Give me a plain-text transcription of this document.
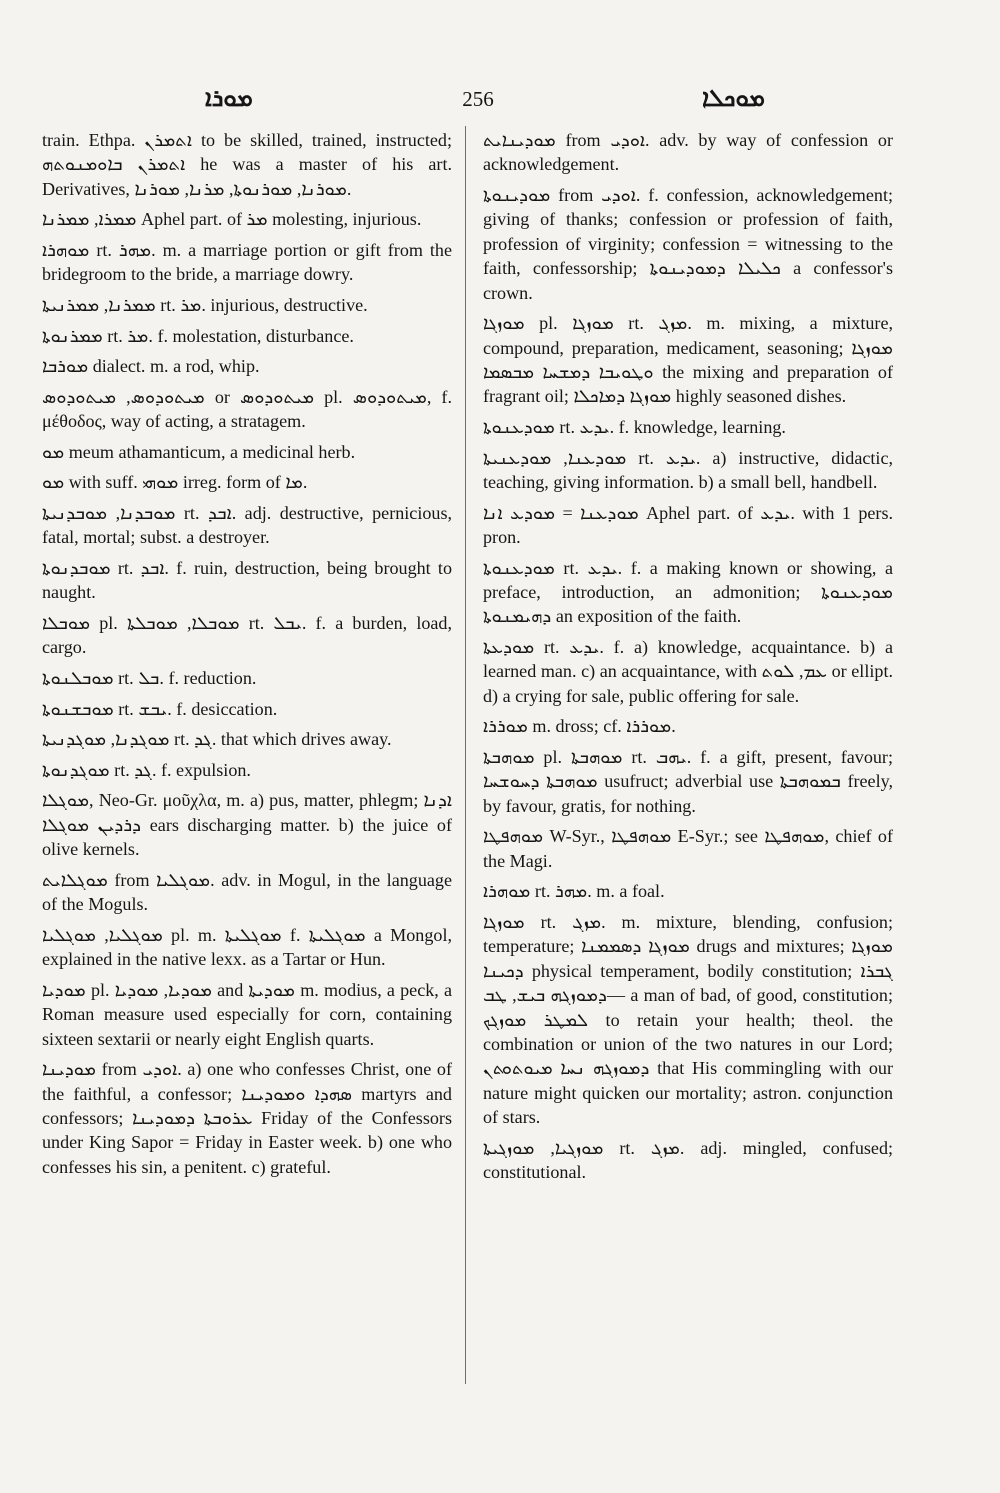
ܡܘܪܐ	256	ܡܘܟܠܐ

train. Ethpa. ܐܬܡܪܢ to be skilled, trained, instructed; ܐܬܡܪܢ ܒܐܘܡܢܘܬܗ he was a master of his art. Derivatives, ܡܘܪܢܐ, ܡܘܪܢܘܬܐ, ܡܪܢܐ, ܡܘܪܢܐ.

ܡܡܪܐ, ܡܡܪܢܐ Aphel part. of ܡܪ molesting, injurious.

ܡܘܗܪܐ rt. ܡܗܪ. m. a marriage portion or gift from the bridegroom to the bride, a marriage dowry.

ܡܡܪܢܐ, ܡܡܪܢܝܬܐ rt. ܡܪ. injurious, destructive.

ܡܡܪܢܘܬܐ rt. ܡܪ. f. molestation, disturbance.

ܡܘܪܒܐ dialect. m. a rod, whip.

ܡܝܬܘܕܘܣ, ܡܝܬܘܕܘܣ or ܡܝܬܘܕܘܣ pl. ܡܝܬܘܕܘܣ, f. μέθοδος, way of acting, a stratagem.

ܡܘ meum athamanticum, a medicinal herb.

ܡܘ with suff. ܡܘܗܝ irreg. form of ܡܐ.

ܡܘܒܕܢܐ, ܡܘܒܕܢܝܬܐ rt. ܐܒܕ. adj. destructive, pernicious, fatal, mortal; subst. a destroyer.

ܡܘܒܕܢܘܬܐ rt. ܐܒܕ. f. ruin, destruction, being brought to naught.

ܡܘܒܠܐ pl. ܡܘܒܠܐ, ܡܘܒܠܬܐ rt. ܝܒܠ. f. a burden, load, cargo.

ܡܘܒܠܢܘܬܐ rt. ܒܠ. f. reduction.

ܡܘܒܫܢܘܬܐ rt. ܝܒܫ. f. desiccation.

ܡܘܓܕܢܐ, ܡܘܓܕܢܝܬܐ rt. ܓܕ. that which drives away.

ܡܘܓܕܢܘܬܐ rt. ܓܕ. f. expulsion.

ܡܘܓܠܐ, Neo-Gr. μοῦχλα, m. a) pus, matter, phlegm; ܐܕܢܐ ܕܪܕܝܢ ܡܘܓܠܐ ears discharging matter. b) the juice of olive kernels.

ܡܘܓܠܐܝܬ from ܡܘܓܠܝܐ. adv. in Mogul, in the language of the Moguls.

ܡܘܓܠܝܐ, ܡܘܓܠܝܐ pl. m. ܡܘܓܠܝܬܐ f. ܡܘܓܠܝܬܐ a Mongol, explained in the native lexx. as a Tartar or Hun.

ܡܘܕܝܐ pl. ܡܘܕܝܐ, ܡܘܕܝܐ and ܡܘܕܝܬܐ m. modius, a peck, a Roman measure used especially for corn, containing sixteen sextarii or nearly eight English quarts.

ܡܘܕܝܢܐ from ܐܘܕܝ. a) one who confesses Christ, one of the faithful, a confessor; ܣܗܕܐ ܘܡܘܕܝܢܐ martyrs and confessors; ܥܪܘܒܬܐ ܕܡܘܕܝܢܐ Friday of the Confessors under King Sapor = Friday in Easter week. b) one who confesses his sin, a penitent. c) grateful.

ܡܘܕܝܢܐܝܬ from ܐܘܕܝ. adv. by way of confession or acknowledgement.

ܡܘܕܝܢܘܬܐ from ܐܘܕܝ. f. confession, acknowledgement; giving of thanks; confession or profession of faith, profession of virginity; confession = witnessing to the faith, confessorship; ܟܠܝܠܐ ܕܡܘܕܝܢܘܬܐ a confessor's crown.

ܡܘܙܓܐ pl. ܡܘܙܓܐ rt. ܡܙܓ. m. mixing, a mixture, compound, preparation, medicament, seasoning; ܡܘܙܓܐ ܘܛܘܝܒܐ ܕܡܫܚܐ ܡܒܣܡܐ the mixing and preparation of fragrant oil; ܡܘܙܓܐ ܕܡܐܟܠܐ highly seasoned dishes.

ܡܘܕܥܢܘܬܐ rt. ܝܕܥ. f. knowledge, learning.

ܡܘܕܥܢܐ, ܡܘܕܥܢܝܬܐ rt. ܝܕܥ. a) instructive, didactic, teaching, giving information. b) a small bell, handbell.

ܡܘܕܥܢܐ = ܡܘܕܥ ܐܢܐ Aphel part. of ܝܕܥ. with 1 pers. pron.

ܡܘܕܥܢܘܬܐ rt. ܝܕܥ. f. a making known or showing, a preface, introduction, an admonition; ܡܘܕܥܢܘܬܐ ܕܗܝܡܢܘܬܐ an exposition of the faith.

ܡܘܕܥܬܐ rt. ܝܕܥ. f. a) knowledge, acquaintance. b) a learned man. c) an acquaintance, with ܥܡ, ܠܘܬ or ellipt. d) a crying for sale, public offering for sale.

ܡܘܪܪܐ m. dross; cf. ܡܘܪܪܐ.

ܡܘܗܒܬܐ pl. ܡܘܗܒܬܐ rt. ܝܗܒ. f. a gift, present, favour; ܡܘܗܒܬܐ ܕܚܘܫܚܐ usufruct; adverbial use ܒܡܘܗܒܬܐ freely, by favour, gratis, for nothing.

ܡܘܗܦܛܐ W-Syr., ܡܘܗܦܛܐ E-Syr.; see ܡܘܗܦܛܐ, chief of the Magi.

ܡܘܗܪܐ rt. ܡܗܪ. m. a foal.

ܡܘܙܓܐ rt. ܡܙܓ. m. mixture, blending, confusion; temperature; ܡܘܙܓܐ ܕܣܡܡܢܐ drugs and mixtures; ܡܘܙܓܐ ܕܟܝܢܐ physical temperament, bodily constitution; ܓܒܪܐ ܕܡܘܙܓܗ ܒܝܫ, ܛܒ— a man of bad, of good, constitution; ܠܡܛܪ ܡܘܙܓܟ to retain your health; theol. the combination or union of the two natures in our Lord; ܕܡܘܙܓܗ ܢܚܐ ܡܝܘܬܘܬܢ that His commingling with our nature might quicken our mortality; astron. conjunction of stars.

ܡܘܙܓܝܐ, ܡܘܙܓܝܬܐ rt. ܡܙܓ. adj. mingled, confused; constitutional.
